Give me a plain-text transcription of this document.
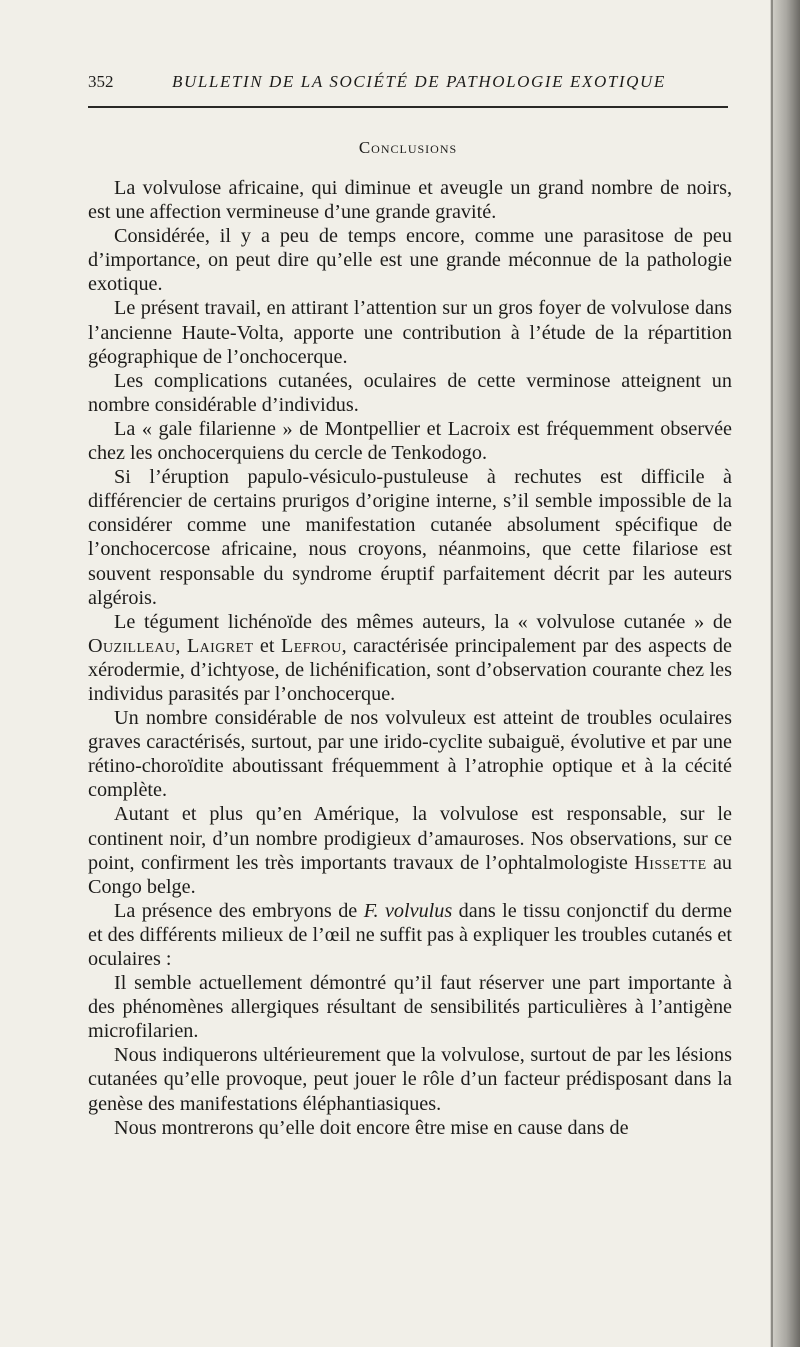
352	BULLETIN DE LA SOCIÉTÉ DE PATHOLOGIE EXOTIQUE
Conclusions

La volvulose africaine, qui diminue et aveugle un grand nombre de noirs, est une affection vermineuse d’une grande gravité.

Considérée, il y a peu de temps encore, comme une parasitose de peu d’importance, on peut dire qu’elle est une grande méconnue de la pathologie exotique.

Le présent travail, en attirant l’attention sur un gros foyer de volvulose dans l’ancienne Haute-Volta, apporte une contribution à l’étude de la répartition géographique de l’onchocerque.

Les complications cutanées, oculaires de cette verminose atteignent un nombre considérable d’individus.

La « gale filarienne » de Montpellier et Lacroix est fréquemment observée chez les onchocerquiens du cercle de Tenkodogo.

Si l’éruption papulo-vésiculo-pustuleuse à rechutes est difficile à différencier de certains prurigos d’origine interne, s’il semble impossible de la considérer comme une manifestation cutanée absolument spécifique de l’onchocercose africaine, nous croyons, néanmoins, que cette filariose est souvent responsable du syndrome éruptif parfaitement décrit par les auteurs algérois.

Le tégument lichénoïde des mêmes auteurs, la « volvulose cutanée » de Ouzilleau, Laigret et Lefrou, caractérisée principalement par des aspects de xérodermie, d’ichtyose, de lichénification, sont d’observation courante chez les individus parasités par l’onchocerque.

Un nombre considérable de nos volvuleux est atteint de troubles oculaires graves caractérisés, surtout, par une irido-cyclite subaiguë, évolutive et par une rétino-choroïdite aboutissant fréquemment à l’atrophie optique et à la cécité complète.

Autant et plus qu’en Amérique, la volvulose est responsable, sur le continent noir, d’un nombre prodigieux d’amauroses. Nos observations, sur ce point, confirment les très importants travaux de l’ophtalmologiste Hissette au Congo belge.

La présence des embryons de F. volvulus dans le tissu conjonctif du derme et des différents milieux de l’œil ne suffit pas à expliquer les troubles cutanés et oculaires :

Il semble actuellement démontré qu’il faut réserver une part importante à des phénomènes allergiques résultant de sensibilités particulières à l’antigène microfilarien.

Nous indiquerons ultérieurement que la volvulose, surtout de par les lésions cutanées qu’elle provoque, peut jouer le rôle d’un facteur prédisposant dans la genèse des manifestations éléphantiasiques.

Nous montrerons qu’elle doit encore être mise en cause dans de
